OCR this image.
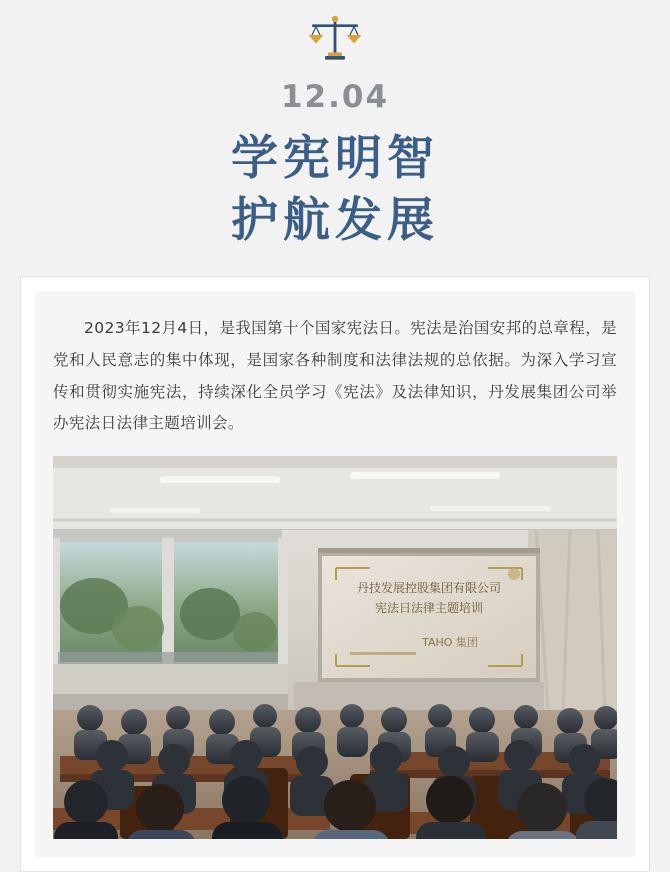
12.04
学宪明智
护航发展

2023年12月4日，是我国第十个国家宪法日。宪法是治国安邦的总章程，是党和人民意志的集中体现，是国家各种制度和法律法规的总依据。为深入学习宣传和贯彻实施宪法，持续深化全员学习《宪法》及法律知识，丹发展集团公司举办宪法日法律主题培训会。

丹技发展控股集团有限公司
宪法日法律主题培训
TAHO 集团
